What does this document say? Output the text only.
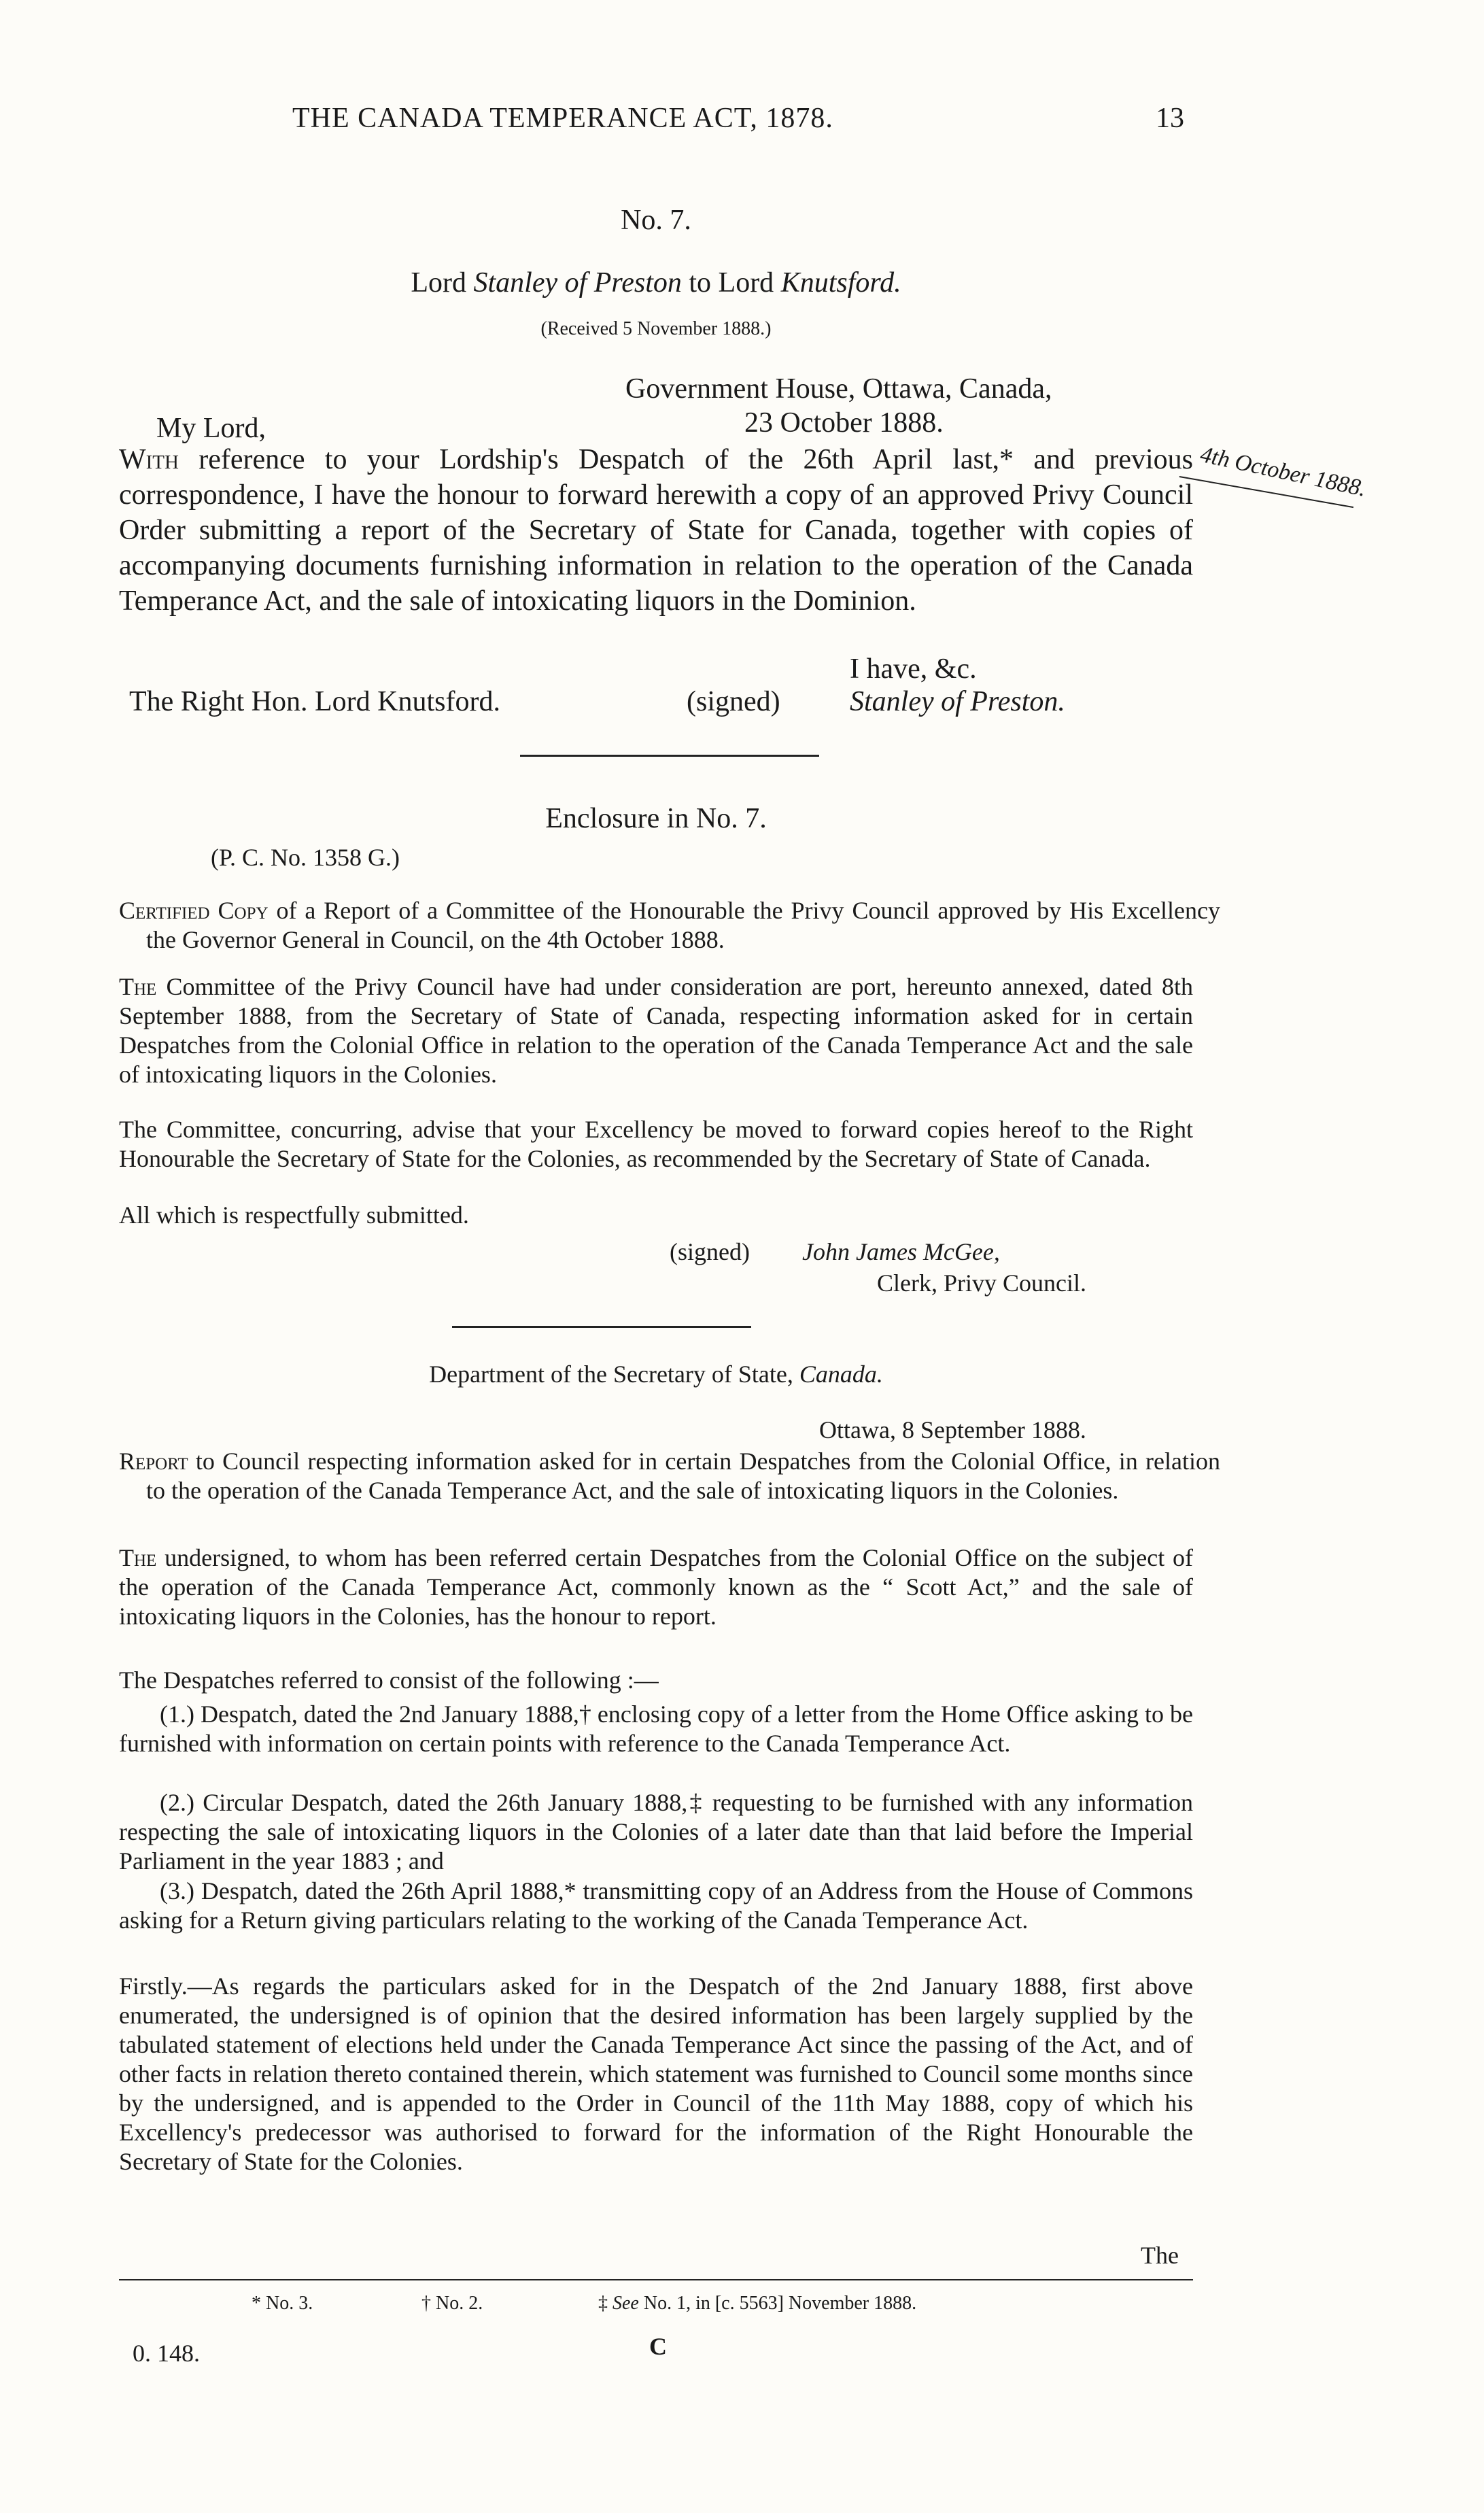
THE CANADA TEMPERANCE ACT, 1878.	13
No. 7.
Lord Stanley of Preston to Lord Knutsford.
(Received 5 November 1888.)
Government House, Ottawa, Canada,
23 October 1888.
My Lord,

With reference to your Lordship's Despatch of the 26th April last,* and previous correspondence, I have the honour to forward herewith a copy of an approved Privy Council Order submitting a report of the Secretary of State for Canada, together with copies of accompanying documents furnishing information in relation to the operation of the Canada Temperance Act, and the sale of intoxicating liquors in the Dominion.

4th October 1888.
I have, &c.
The Right Hon. Lord Knutsford.	(signed) Stanley of Preston.
Enclosure in No. 7.
(P. C. No. 1358 G.)

Certified Copy of a Report of a Committee of the Honourable the Privy Council approved by His Excellency the Governor General in Council, on the 4th October 1888.

The Committee of the Privy Council have had under consideration are port, hereunto annexed, dated 8th September 1888, from the Secretary of State of Canada, respecting information asked for in certain Despatches from the Colonial Office in relation to the operation of the Canada Temperance Act and the sale of intoxicating liquors in the Colonies.

The Committee, concurring, advise that your Excellency be moved to forward copies hereof to the Right Honourable the Secretary of State for the Colonies, as recommended by the Secretary of State of Canada.

All which is respectfully submitted.

(signed) John James McGee,
Clerk, Privy Council.
Department of the Secretary of State, Canada.
Ottawa, 8 September 1888.

Report to Council respecting information asked for in certain Despatches from the Colonial Office, in relation to the operation of the Canada Temperance Act, and the sale of intoxicating liquors in the Colonies.

The undersigned, to whom has been referred certain Despatches from the Colonial Office on the subject of the operation of the Canada Temperance Act, commonly known as the “ Scott Act,” and the sale of intoxicating liquors in the Colonies, has the honour to report.

The Despatches referred to consist of the following :—

(1.) Despatch, dated the 2nd January 1888,† enclosing copy of a letter from the Home Office asking to be furnished with information on certain points with reference to the Canada Temperance Act.

(2.) Circular Despatch, dated the 26th January 1888,‡ requesting to be furnished with any information respecting the sale of intoxicating liquors in the Colonies of a later date than that laid before the Imperial Parliament in the year 1883 ; and

(3.) Despatch, dated the 26th April 1888,* transmitting copy of an Address from the House of Commons asking for a Return giving particulars relating to the working of the Canada Temperance Act.

Firstly.—As regards the particulars asked for in the Despatch of the 2nd January 1888, first above enumerated, the undersigned is of opinion that the desired information has been largely supplied by the tabulated statement of elections held under the Canada Temperance Act since the passing of the Act, and of other facts in relation thereto contained therein, which statement was furnished to Council some months since by the undersigned, and is appended to the Order in Council of the 11th May 1888, copy of which his Excellency's predecessor was authorised to forward for the information of the Right Honourable the Secretary of State for the Colonies.

The
* No. 3.	† No. 2.	‡ See No. 1, in [c. 5563] November 1888.
0. 148.	C
